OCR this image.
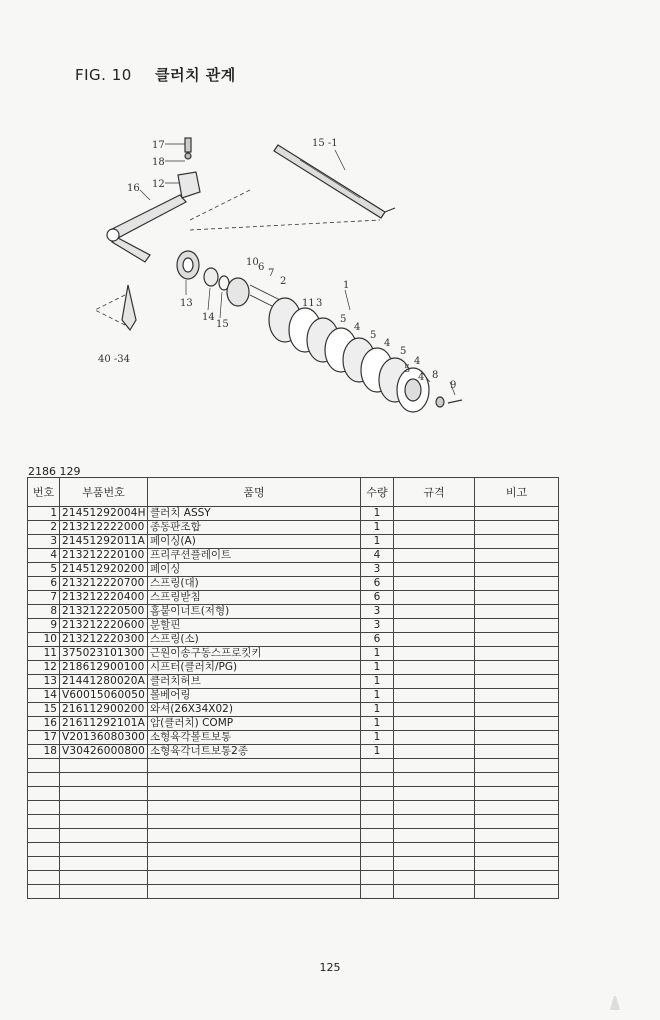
FIG. 10 클러치 관계
17
18
12
16
13
14
15
40 -34
15 -1
10 6
7
2
11 3
1
5
4
5
4
5
4
5
4 8
9
2186 129
번호	부품번호	품명	수량	규격	비고
1	21451292004H	클러치 ASSY	1		
2	213212222000	종동판조합	1		
3	21451292011A	페이싱(A)	1		
4	213212220100	프리쿠션플레이트	4		
5	214512920200	페이싱	3		
6	213212220700	스프링(대)	6		
7	213212220400	스프링받침	6		
8	213212220500	홈붙이너트(저형)	3		
9	213212220600	분할핀	3		
10	213212220300	스프링(소)	6		
11	375023101300	근원이송구동스프로킷키	1		
12	218612900100	시프터(클러치/PG)	1		
13	21441280020A	클러치허브	1		
14	V60015060050	볼베어링	1		
15	216112900200	와셔(26X34X02)	1		
16	21611292101A	암(클러치) COMP	1		
17	V20136080300	소형육각볼트보통	1		
18	V30426000800	소형육각너트보통2종	1		

125
